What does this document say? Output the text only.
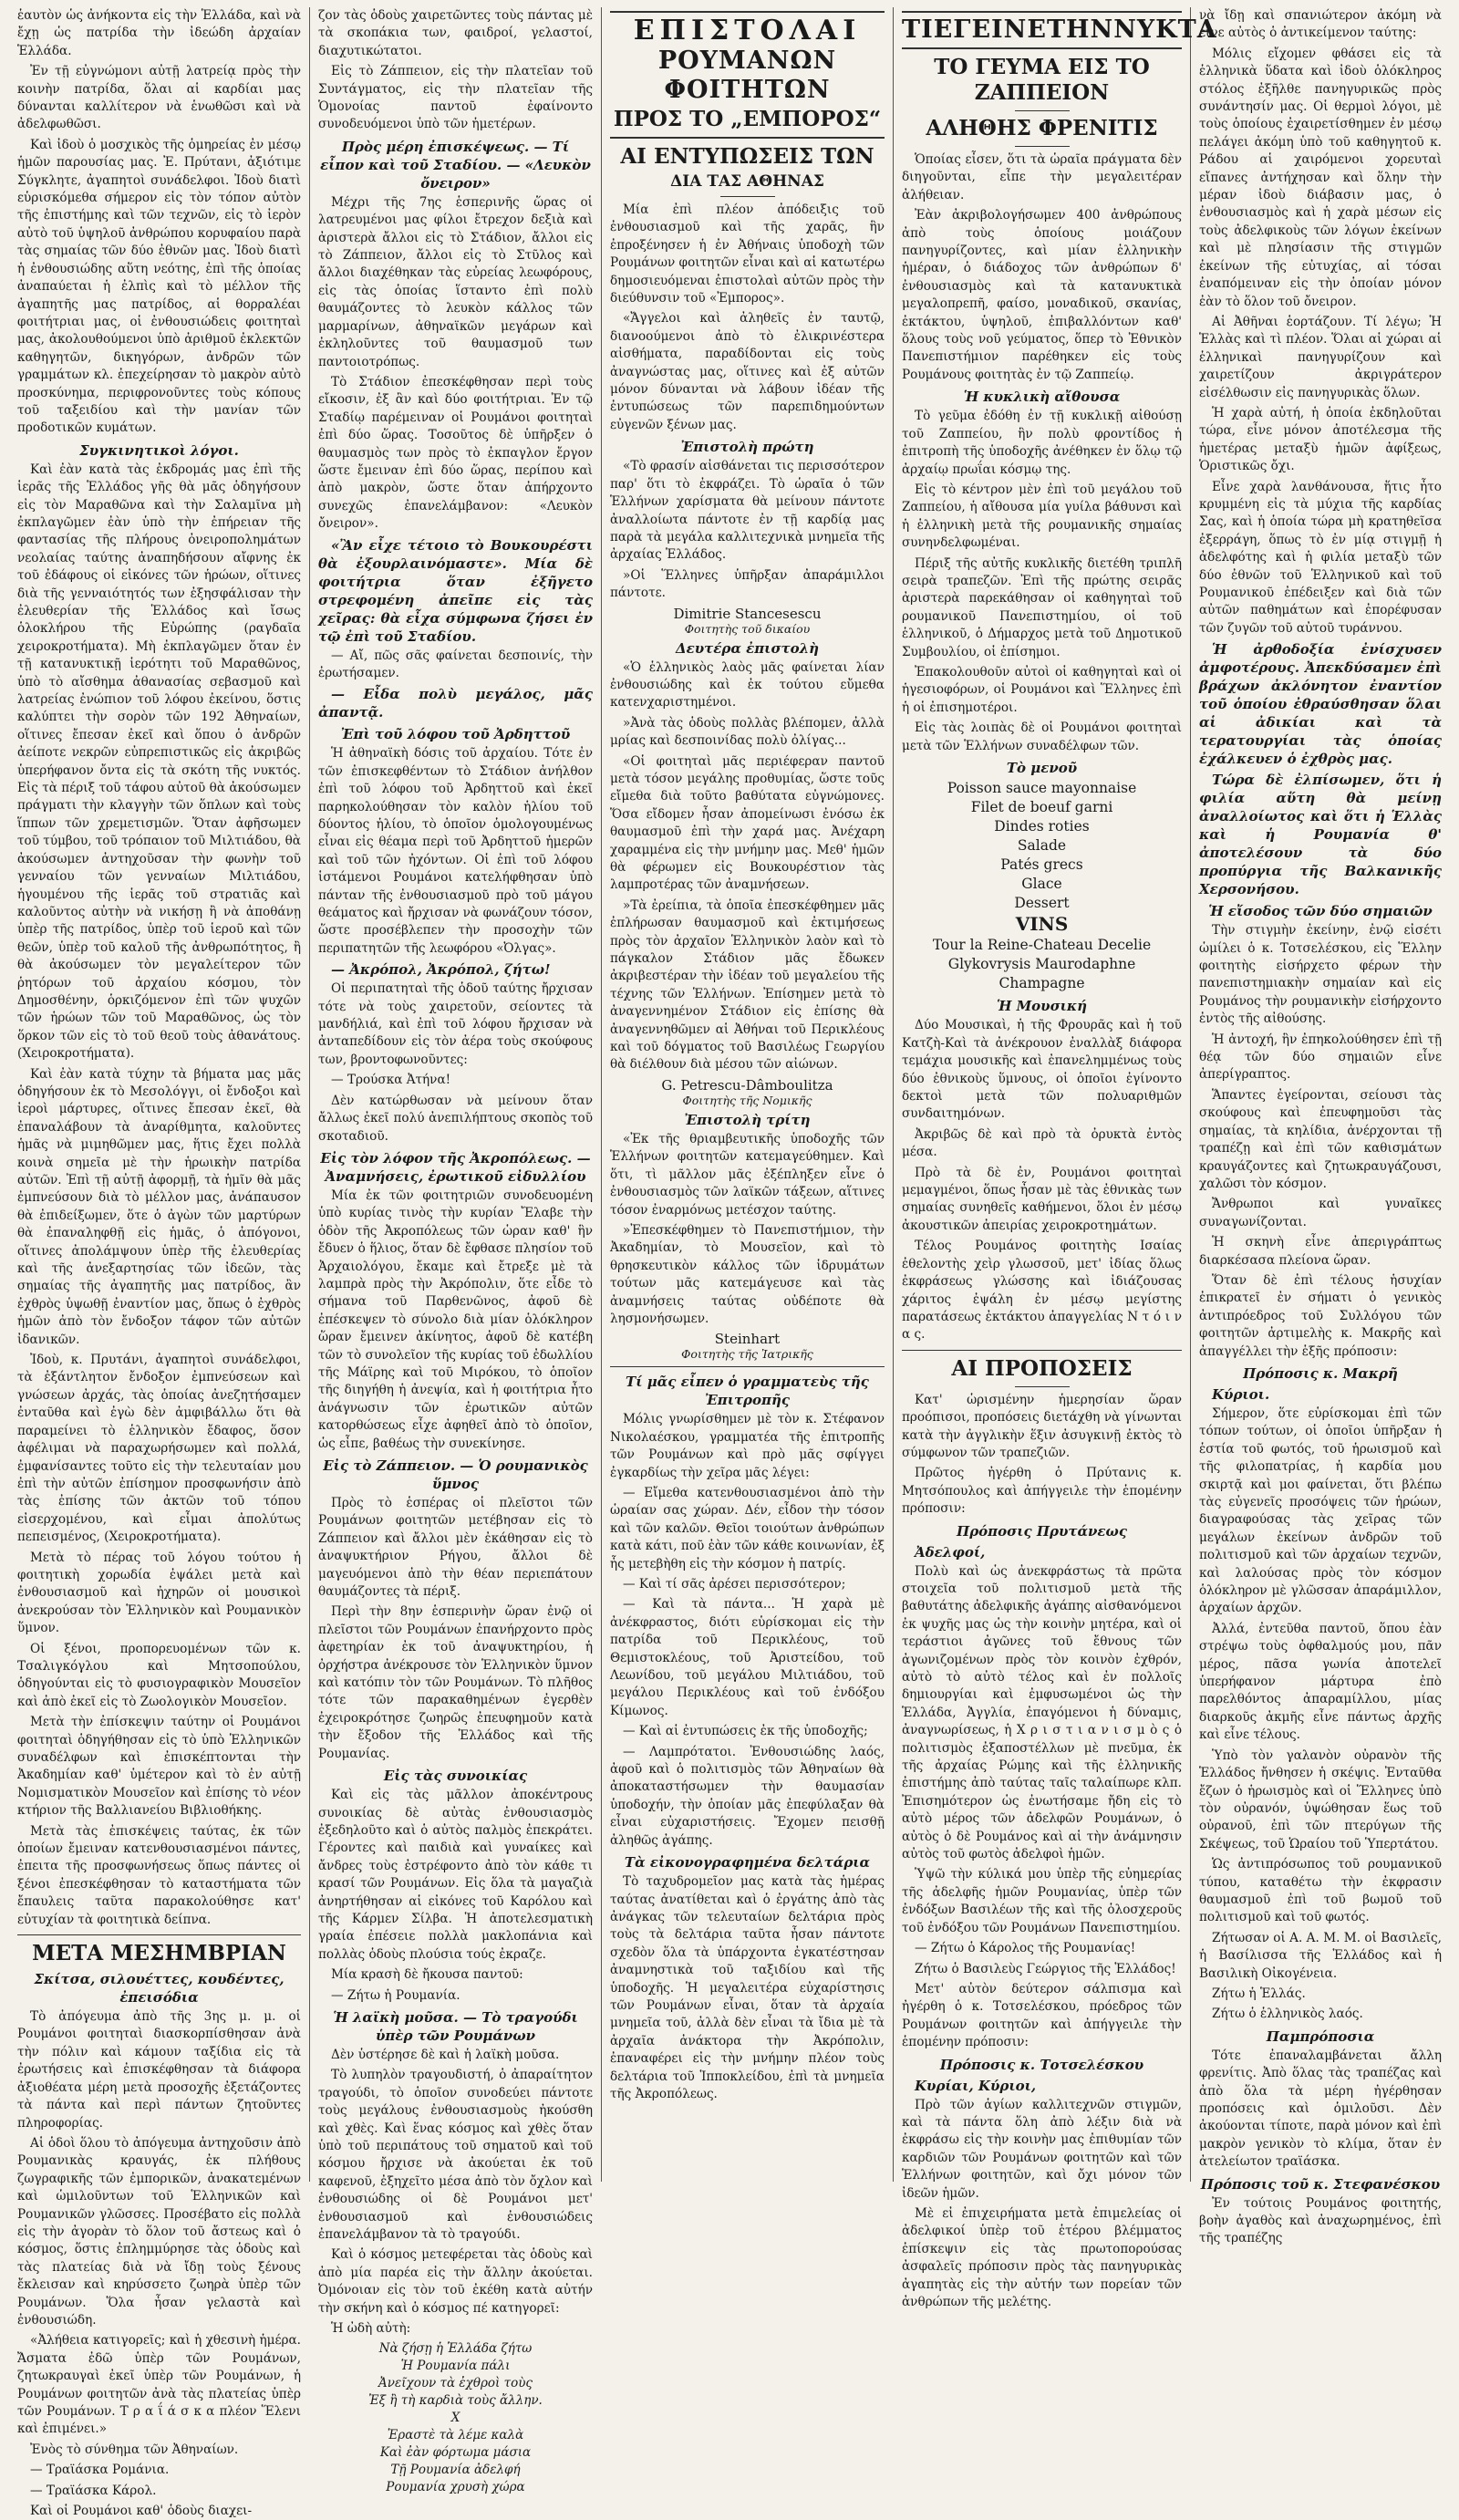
ἑαυτὸν ὡς ἀνήκοντα εἰς τὴν Ἑλλάδα, καὶ νὰ ἔχῃ ὡς πατρίδα τὴν ἰδεώδη ἀρχαίαν Ἑλλάδα.

Ἐν τῇ εὐγνώμονι αὐτῇ λατρείᾳ πρὸς τὴν κοινὴν πατρίδα, ὅλαι αἱ καρδίαι μας δύνανται καλλίτερον νὰ ἑνωθῶσι καὶ νὰ ἀδελφωθῶσι.

Καὶ ἰδοὺ ὁ μοσχικὸς τῆς ὁμηρείας ἐν μέσῳ ἡμῶν παρουσίας μας. Ἐ. Πρύτανι, ἀξιότιμε Σύγκλητε, ἀγαπητοὶ συνάδελφοι. Ἰδοὺ διατὶ εὑρισκόμεθα σήμερον εἰς τὸν τόπον αὐτὸν τῆς ἐπιστήμης καὶ τῶν τεχνῶν, εἰς τὸ ἱερὸν αὐτὸ τοῦ ὑψηλοῦ ἀνθρώπου κορυφαίου παρὰ τὰς σημαίας τῶν δύο ἐθνῶν μας. Ἰδοὺ διατὶ ἡ ἐνθουσιώδης αὕτη νεότης, ἐπὶ τῆς ὁποίας ἀναπαύεται ἡ ἐλπὶς καὶ τὸ μέλλον τῆς ἀγαπητῆς μας πατρίδος, αἱ θορραλέαι φοιτήτριαι μας, οἱ ἐνθουσιώδεις φοιτηταὶ μας, ἀκολουθούμενοι ὑπὸ ἀριθμοῦ ἐκλεκτῶν καθηγητῶν, δικηγόρων, ἀνδρῶν τῶν γραμμάτων κλ. ἐπεχείρησαν τὸ μακρὸν αὐτὸ προσκύνημα, περιφρονοῦντες τοὺς κόπους τοῦ ταξειδίου καὶ τὴν μανίαν τῶν προδοτικῶν κυμάτων.

Συγκινητικοὶ λόγοι.

Καὶ ἐὰν κατὰ τὰς ἐκδρομάς μας ἐπὶ τῆς ἱερᾶς τῆς Ἑλλάδος γῆς θὰ μᾶς ὁδηγήσουν εἰς τὸν Μαραθῶνα καὶ τὴν Σαλαμῖνα μὴ ἐκπλαγῶμεν ἐὰν ὑπὸ τὴν ἐπήρειαν τῆς φαντασίας τῆς πλήρους ὀνειροπολημάτων νεολαίας ταύτης ἀναπηδήσουν αἴφνης ἐκ τοῦ ἐδάφους οἱ εἰκόνες τῶν ἡρώων, οἵτινες διὰ τῆς γενναιότητός των ἐξησφάλισαν τὴν ἐλευθερίαν τῆς Ἑλλάδος καὶ ἴσως ὁλοκλήρου τῆς Εὐρώπης (ραγδαῖα χειροκροτήματα). Μὴ ἐκπλαγῶμεν ὅταν ἐν τῇ κατανυκτικῇ ἱερότητι τοῦ Μαραθῶνος, ὑπὸ τὸ αἴσθημα ἀθανασίας σεβασμοῦ καὶ λατρείας ἐνώπιον τοῦ λόφου ἐκείνου, ὅστις καλύπτει τὴν σορὸν τῶν 192 Ἀθηναίων, οἵτινες ἔπεσαν ἐκεῖ καὶ ὅπου ὁ ἀνδρῶν ἀείποτε νεκρῶν εὐπρεπιστικῶς εἰς ἀκριβῶς ὑπερήφανον ὄντα εἰς τὰ σκότη τῆς νυκτός. Εἰς τὰ πέριξ τοῦ τάφου αὐτοῦ θὰ ἀκούσωμεν πράγματι τὴν κλαγγὴν τῶν ὅπλων καὶ τοὺς ἵππων τῶν χρεμετισμῶν. Ὅταν ἀφῆσωμεν τοῦ τύμβου, τοῦ τρόπαιον τοῦ Μιλτιάδου, θὰ ἀκούσωμεν ἀντηχοῦσαν τὴν φωνὴν τοῦ γενναίου τῶν γενναίων Μιλτιάδου, ἡγουμένου τῆς ἱερᾶς τοῦ στρατιᾶς καὶ καλοῦντος αὐτὴν νὰ νικήσῃ ἢ νὰ ἀποθάνῃ ὑπὲρ τῆς πατρίδος, ὑπὲρ τοῦ ἱεροῦ καὶ τῶν θεῶν, ὑπὲρ τοῦ καλοῦ τῆς ἀνθρωπότητος, ἢ θὰ ἀκούσωμεν τὸν μεγαλείτερον τῶν ῥητόρων τοῦ ἀρχαίου κόσμου, τὸν Δημοσθένην, ὁρκιζόμενον ἐπὶ τῶν ψυχῶν τῶν ἡρώων τῶν τοῦ Μαραθῶνος, ὡς τὸν ὅρκον τῶν εἰς τὸ τοῦ θεοῦ τοὺς ἀθανάτους. (Χειροκροτήματα).

Καὶ ἐὰν κατὰ τύχην τὰ βήματα μας μᾶς ὁδηγήσουν ἐκ τὸ Μεσολόγγι, οἱ ἔνδοξοι καὶ ἱεροὶ μάρτυρες, οἵτινες ἔπεσαν ἐκεῖ, θὰ ἐπαναλάβουν τὰ ἀναρίθμητα, καλοῦντες ἡμᾶς νὰ μιμηθῶμεν μας, ἥτις ἔχει πολλὰ κοινὰ σημεῖα μὲ τὴν ἡρωικὴν πατρίδα αὐτῶν. Ἐπὶ τῇ αὐτῇ ἀφορμῇ, τὰ ἡμῖν θὰ μᾶς ἐμπνεύσουν διὰ τὸ μέλλον μας, ἀνάπαυσον θὰ ἐπιδείξωμεν, ὅτε ὁ ἀγὼν τῶν μαρτύρων θὰ ἐπαναληφθῇ εἰς ἡμᾶς, ὁ ἀπόγονοι, οἵτινες ἀπολάμψουν ὑπὲρ τῆς ἐλευθερίας καὶ τῆς ἀνεξαρτησίας τῶν ἰδεῶν, τὰς σημαίας τῆς ἀγαπητῆς μας πατρίδος, ἂν ἐχθρὸς ὑψωθῇ ἐναντίον μας, ὅπως ὁ ἐχθρὸς ἡμῶν ἀπὸ τὸν ἔνδοξον τάφον τῶν αὐτῶν ἰδανικῶν.

Ἰδοὺ, κ. Πρυτάνι, ἀγαπητοὶ συνάδελφοι, τὰ ἐξάντλητον ἔνδοξον ἐμπνεύσεων καὶ γνώσεων ἀρχάς, τὰς ὁποίας ἀνεζητήσαμεν ἐνταῦθα καὶ ἐγὼ δὲν ἀμφιβάλλω ὅτι θὰ παραμείνει τὸ ἑλληνικὸν ἔδαφος, ὅσον ἀφέλιμαι νὰ παραχωρήσωμεν καὶ πολλά, ἐμφανίσαντες τοῦτο εἰς τὴν τελευταίαν μου ἐπὶ τὴν αὐτῶν ἐπίσημον προσφωνήσιν ἀπὸ τὰς ἐπίσης τῶν ἀκτῶν τοῦ τόπου εἰσερχομένου, καὶ εἶμαι ἀπολύτως πεπεισμένος, (Χειροκροτήματα).

Μετὰ τὸ πέρας τοῦ λόγου τούτου ἡ φοιτητικὴ χορωδία ἐψάλει μετὰ καὶ ἐνθουσιασμοῦ καὶ ἠχηρῶν οἱ μουσικοὶ ἀνεκρούσαν τὸν Ἑλληνικὸν καὶ Ρουμανικὸν ὕμνον.

Οἱ ξένοι, προπορευομένων τῶν κ. Τσαλιγκόγλου καὶ Μητσοπούλου, ὁδηγούνται εἰς τὸ φυσιογραφικὸν Μουσεῖον καὶ ἀπὸ ἐκεῖ εἰς τὸ Ζωολογικὸν Μουσεῖον.

Μετὰ τὴν ἐπίσκεψιν ταύτην οἱ Ρουμάνοι φοιτηταὶ ὁδηγήθησαν εἰς τὸ ὑπὸ Ἑλληνικῶν συναδέλφων καὶ ἐπισκέπτονται τὴν Ἀκαδημίαν καθ' ὑμέτερον καὶ τὸ ἐν αὐτῇ Νομισματικὸν Μουσεῖον καὶ ἐπίσης τὸ νέον κτήριον τῆς Βαλλιανείου Βιβλιοθήκης.

Μετὰ τὰς ἐπισκέψεις ταύτας, ἐκ τῶν ὁποίων ἔμειναν κατενθουσιασμένοι πάντες, ἐπειτα τῆς προσφωνήσεως ὅπως πάντες οἱ ξένοι ἐπεσκέφθησαν τὸ καταστήματα τῶν ἔπαυλεις ταῦτα παρακολούθησε κατ' εὐτυχίαν τὰ φοιτητικὰ δείπνα.

ΜΕΤΑ ΜΕΣΗΜΒΡΙΑΝ
Σκίτσα, σιλουέττες, κουδέντες, ἐπεισόδια

Τὸ ἀπόγευμα ἀπὸ τῆς 3ης μ. μ. οἱ Ρουμάνοι φοιτηταὶ διασκορπίσθησαν ἀνὰ τὴν πόλιν καὶ κάμουν ταξίδια εἰς τὰ ἐρωτήσεις καὶ ἐπισκέφθησαν τὰ διάφορα ἀξιοθέατα μέρη μετὰ προσοχῆς ἐξετάζοντες τὰ πάντα καὶ περὶ πάντων ζητοῦντες πληροφορίας.

Αἱ ὁδοὶ ὅλου τὸ ἀπόγευμα ἀντηχοῦσιν ἀπὸ Ρουμανικὰς κραυγάς, ἐκ πλήθους ζωγραφικῆς τῶν ἐμπορικῶν, ἀνακατεμένων καὶ ὡμιλοῦντων τοῦ Ἑλληνικῶν καὶ Ρουμανικῶν γλῶσσες. Προσέβατο εἰς πολλὰ εἰς τὴν ἀγορὰν τὸ ὅλον τοῦ ἄστεως καὶ ὁ κόσμος, ὅστις ἐπλημμύρησε τὰς ὁδοὺς καὶ τὰς πλατείας διὰ νὰ ἴδῃ τοὺς ξένους ἔκλεισαν καὶ κηρύσσετο ζωηρὰ ὑπὲρ τῶν Ρουμάνων. Ὅλα ἦσαν γελαστὰ καὶ ἐνθουσιώδη.

«Ἀλήθεια κατιγορεῖς; καὶ ἡ χθεσινὴ ἡμέρα. Ἄσματα ἐδῶ ὑπὲρ τῶν Ρουμάνων, ζητωκραυγαὶ ἐκεῖ ὑπὲρ τῶν Ρουμάνων, ἡ Ρουμάνων φοιτητῶν ἀνὰ τὰς πλατείας ὑπὲρ τῶν Ρουμάνων. Τ ρ α ΐ ά σ κ α πλέον Ἕλενι καὶ ἐπιμένει.»

Ἐνὸς τὸ σύνθημα τῶν Ἀθηναίων.

— Τραϊάσκα Ρομάνια.

— Τραϊάσκα Κάρολ.

Καὶ οἱ Ρουμάνοι καθ' ὁδοὺς διαχει-

ζον τὰς ὁδοὺς χαιρετῶντες τοὺς πάντας μὲ τὰ σκοπάκια των, φαιδροί, γελαστοί, διαχυτικώτατοι.

Εἰς τὸ Ζάππειον, εἰς τὴν πλατεῖαν τοῦ Συντάγματος, εἰς τὴν πλατεῖαν τῆς Ὁμονοίας παντοῦ ἐφαίνοντο συνοδευόμενοι ὑπὸ τῶν ἡμετέρων.

Πρὸς μέρη ἐπισκέψεως. — Τί εἶπον καὶ τοῦ Σταδίου. — «Λευκὸν ὄνειρον»

Μέχρι τῆς 7ης ἑσπερινῆς ὥρας οἱ λατρευμένοι μας φίλοι ἔτρεχον δεξιὰ καὶ ἀριστερὰ ἄλλοι εἰς τὸ Στάδιον, ἄλλοι εἰς τὸ Ζάππειον, ἄλλοι εἰς τὸ Στῦλος καὶ ἄλλοι διαχέθηκαν τὰς εὐρείας λεωφόρους, εἰς τὰς ὁποίας ἵσταντο ἐπὶ πολὺ θαυμάζοντες τὸ λευκὸν κάλλος τῶν μαρμαρίνων, ἀθηναϊκῶν μεγάρων καὶ ἐκληλοῦντες τοῦ θαυμασμοῦ των παντοιοτρόπως.

Τὸ Στάδιον ἐπεσκέφθησαν περὶ τοὺς εἴκοσιν, ἐξ ἂν καὶ δύο φοιτήτριαι. Ἐν τῷ Σταδίῳ παρέμειναν οἱ Ρουμάνοι φοιτηταὶ ἐπὶ δύο ὥρας. Τοσοῦτος δὲ ὑπῆρξεν ὁ θαυμασμὸς των πρὸς τὸ ἐκπαγλον ἔργον ὥστε ἔμειναν ἐπὶ δύο ὥρας, περίπου καὶ ἀπὸ μακρὸν, ὥστε ὅταν ἀπήρχοντο συνεχῶς ἐπανελάμβανον: «Λευκὸν ὄνειρον».

«Ἂν εἶχε τέτοιο τὸ Βουκουρέστι θὰ ἐξουρλαινόμαστε». Μία δὲ φοιτήτρια ὅταν ἐξῆγετο στρεφομένη ἀπεῖπε εἰς τὰς χεῖρας: θὰ εἶχα σύμφωνα ζήσει ἐν τῷ ἐπὶ τοῦ Σταδίου.

— Αἴ, πῶς σᾶς φαίνεται δεσποινίς, τὴν ἐρωτήσαμεν.

— Εἶδα πολὺ μεγάλος, μᾶς ἀπαντᾷ.

Ἐπὶ τοῦ λόφου τοῦ Ἀρδηττοῦ

Ἡ ἀθηναϊκὴ δόσις τοῦ ἀρχαίου. Τότε ἐν τῶν ἐπισκεφθέντων τὸ Στάδιον ἀνήλθον ἐπὶ τοῦ λόφου τοῦ Ἀρδηττοῦ καὶ ἐκεῖ παρηκολούθησαν τὸν καλὸν ἡλίου τοῦ δύοντος ἡλίου, τὸ ὁποῖον ὁμολογουμένως εἶναι εἰς θέαμα περὶ τοῦ Ἀρδηττοῦ ἡμερῶν καὶ τοῦ τῶν ἠχόντων. Οἱ ἐπὶ τοῦ λόφου ἱστάμενοι Ρουμάνοι κατελήφθησαν ὑπὸ πάνταν τῆς ἐνθουσιασμοῦ πρὸ τοῦ μάγου θεάματος καὶ ἤρχισαν νὰ φωνάζουν τόσον, ὥστε προσέβλεπεν τὴν προσοχὴν τῶν περιπατητῶν τῆς λεωφόρου «Ὀλγας».

— Ἀκρόπολ, Ἀκρόπολ, ζήτω!

Οἱ περιπατηταὶ τῆς ὁδοῦ ταύτης ἤρχισαν τότε νὰ τοὺς χαιρετοῦν, σείοντες τὰ μανδήλιά, καὶ ἐπὶ τοῦ λόφου ἤρχισαν νὰ ἀνταπεδίδουν εἰς τὸν ἀέρα τοὺς σκούφους των, βροντοφωνοῦντες:

— Τρούσκα Ἀτήνα!

Δὲν κατώρθωσαν νὰ μείνουν ὅταν ἄλλως ἐκεῖ πολύ ἀνεπιλήπτους σκοπὸς τοῦ σκοταδιοῦ.

Εἰς τὸν λόφον τῆς Ἀκροπόλεως. — Ἀναμνήσεις, ἐρωτικοῦ εἰδυλλίου

Μία ἐκ τῶν φοιτητριῶν συνοδευομένη ὑπὸ κυρίας τινὸς τὴν κυρίαν Ἔλαβε τὴν ὁδὸν τῆς Ἀκροπόλεως τῶν ὡραν καθ' ἣν ἔδυεν ὁ ἥλιος, ὅταν δὲ ἔφθασε πλησίον τοῦ Ἀρχαιολόγου, ἔκαμε καὶ ἔτρεξε μὲ τὰ λαμπρὰ πρὸς τὴν Ἀκρόπολιν, ὅτε εἶδε τὸ σήμανα τοῦ Παρθενῶνος, ἀφοῦ δὲ ἐπέσκεψεν τὸ σύνολο διὰ μίαν ὁλόκληρον ὥραν ἔμεινεν ἀκίνητος, ἀφοῦ δὲ κατέβη τῶν τὸ συνολεῖον τῆς κυρίας τοῦ ἐδωλλίου τῆς Μάϊρης καὶ τοῦ Μιρόκου, τὸ ὁποῖον τῆς διηγήθη ἡ ἀνεψία, καὶ ἡ φοιτήτρια ἦτο ἀνάγνωσιν τῶν ἐρωτικῶν αὐτῶν κατορθώσεως εἶχε ἀφηθεῖ ἀπὸ τὸ ὁποῖον, ὡς εἶπε, βαθέως τὴν συνεκίνησε.

Εἰς τὸ Ζάππειον. — Ὁ ρουμανικὸς ὕμνος

Πρὸς τὸ ἑσπέρας οἱ πλεῖστοι τῶν Ρουμάνων φοιτητῶν μετέβησαν εἰς τὸ Ζάππειον καὶ ἄλλοι μὲν ἐκάθησαν εἰς τὸ ἀναψυκτήριον Ρήγου, ἄλλοι δὲ μαγευόμενοι ἀπὸ τὴν θέαν περιεπάτουν θαυμάζοντες τὰ πέριξ.

Περὶ τὴν 8ην ἑσπερινὴν ὥραν ἐνῷ οἱ πλεῖστοι τῶν Ρουμάνων ἐπανήρχοντο πρὸς ἀφετηρίαν ἐκ τοῦ ἀναψυκτηρίου, ἡ ὀρχήστρα ἀνέκρουσε τὸν Ἑλληνικὸν ὕμνον καὶ κατόπιν τὸν τῶν Ρουμάνων. Τὸ πλῆθος τότε τῶν παρακαθημένων ἐγερθὲν ἐχειροκρότησε ζωηρῶς ἐπευφημοῦν κατὰ τὴν ἔξοδον τῆς Ἑλλάδος καὶ τῆς Ρουμανίας.

Εἰς τὰς συνοικίας

Καὶ εἰς τὰς μᾶλλον ἀποκέντρους συνοικίας δὲ αὐτὰς ἐνθουσιασμὸς ἐξεδηλοῦτο καὶ ὁ αὐτὸς παλμὸς ἐπεκράτει. Γέροντες καὶ παιδιὰ καὶ γυναίκες καὶ ἄνδρες τοὺς ἐστρέφοντο ἀπὸ τὸν κάθε τι κρασί τῶν Ρουμάνων. Εἰς ὅλα τὰ μαγαζιὰ ἀνηρτήθησαν αἱ εἰκόνες τοῦ Καρόλου καὶ τῆς Κάρμεν Σίλβα. Ἡ ἀποτελεσματικὴ γραία ἐπέσειε πολλὰ μακλοπάνια καὶ πολλὰς ὁδοὺς πλούσια τούς ἐκραζε.

Μία κρασὴ δὲ ἤκουσα παντοῦ:

— Ζήτω ἡ Ρουμανία.

Ἡ λαϊκὴ μοῦσα. — Τὸ τραγούδι ὑπὲρ τῶν Ρουμάνων

Δὲν ὑστέρησε δὲ καὶ ἡ λαϊκὴ μοῦσα.

Τὸ λυπηλὸν τραγουδιστή, ὁ ἀπαραίτητον τραγούδι, τὸ ὁποῖον συνοδεύει πάντοτε τοὺς μεγάλους ἐνθουσιασμοὺς ἠκούσθη καὶ χθὲς. Καὶ ἕνας κόσμος καὶ χθὲς ὅταν ὑπὸ τοῦ περιπάτους τοῦ σηματοῦ καὶ τοῦ κόσμου ἤρχισε νὰ ἀκούεται ἐκ τοῦ καφενοῦ, ἐξηχεῖτο μέσα ἀπὸ τὸν ὄχλον καὶ ἐνθουσιώδης οἱ δὲ Ρουμάνοι μετ' ἐνθουσιασμοῦ καὶ ἐνθουσιώδεις ἐπανελάμβανον τὰ τὸ τραγούδι.

Καὶ ὁ κόσμος μετεφέρεται τὰς ὁδοὺς καὶ ἀπὸ μία παρέα εἰς τὴν ἄλλην ἀκούεται. Ὀμόνοιαν εἰς τὸν τοῦ ἐκέθη κατὰ αὐτήν τὴν σκήνη καὶ ὁ κόσμος πέ κατηγορεῖ:

Ἡ ὠδὴ αὐτὴ:

Νὰ ζήσῃ ἡ Ἑλλάδα ζήτω

Ἡ Ρουμανία πάλι

Ἀνεῖχουν τὰ ἐχθροὶ τοὺς

Ἐξ ἢ τὴ καρδιὰ τοὺς ἄλλην.

Χ

Ἐραστὲ τὰ λέμε καλὰ

Καὶ ἐὰν φόρτωμα μάσια

Τῇ Ρουμανία ἀδελφή

Ρουμανία χρυσὴ χώρα

ΕΠΙΣΤΟΛΑΙ
ΡΟΥΜΑΝΩΝ ΦΟΙΤΗΤΩΝ
ΠΡΟΣ ΤΟ „ΕΜΠΟΡΟΣ“
ΑΙ ΕΝΤΥΠΩΣΕΙΣ ΤΩΝ
ΔΙΑ ΤΑΣ ΑΘΗΝΑΣ

Μία ἐπὶ πλέον ἀπόδειξις τοῦ ἐνθουσιασμοῦ καὶ τῆς χαρᾶς, ἣν ἐπροξένησεν ἡ ἐν Ἀθήναις ὑποδοχὴ τῶν Ρουμάνων φοιτητῶν εἶναι καὶ αἱ κατωτέρω δημοσιευόμεναι ἐπιστολαὶ αὐτῶν πρὸς τὴν διεύθυνσιν τοῦ «Ἐμπορος».

«Ἄγγελοι καὶ ἀληθεῖς ἐν ταυτῷ, διανοούμενοι ἀπὸ τὸ ἐλικρινέστερα αἰσθήματα, παραδίδονται εἰς τοὺς ἀναγνώστας μας, οἵτινες καὶ ἐξ αὐτῶν μόνον δύνανται νὰ λάβουν ἰδέαν τῆς ἐντυπώσεως τῶν παρεπιδημούντων εὐγενῶν ξένων μας.

Ἐπιστολὴ πρώτη

«Τὸ φρασίν αἰσθάνεται τις περισσότερον παρ' ὅτι τὸ ἐκφράζει. Τὸ ὡραῖα ὁ τῶν Ἑλλήνων χαρίσματα θὰ μείνουν πάντοτε ἀναλλοίωτα πάντοτε ἐν τῇ καρδίᾳ μας παρὰ τὰ μεγάλα καλλιτεχνικὰ μνημεῖα τῆς ἀρχαίας Ἑλλάδος.

»Οἱ Ἕλληνες ὑπῆρξαν ἀπαράμιλλοι πάντοτε.

Dimitrie Stancesescu
Φοιτητὴς τοῦ δικαίου
Δευτέρα ἐπιστολὴ

«Ὁ ἑλληνικὸς λαὸς μᾶς φαίνεται λίαν ἐνθουσιώδης καὶ ἐκ τούτου εὔμεθα κατενχαριστημένοι.

»Ἀνὰ τὰς ὁδοὺς πολλὰς βλέπομεν, ἀλλὰ μρίας καὶ δεσποινίδας πολὺ ὀλίγας...

«Οἱ φοιτηταὶ μᾶς περιέφεραν παντοῦ μετὰ τόσον μεγάλης προθυμίας, ὥστε τοῦς εἴμεθα διὰ τοῦτο βαθύτατα εὐγνώμονες. Ὅσα εἴδομεν ἦσαν ἀπομείνωσι ἐνόσω ἐκ θαυμασμοῦ ἐπὶ τὴν χαρά μας. Ἀνέχαρη χαραμμένα εἰς τὴν μνήμην μας. Μεθ' ἡμῶν θὰ φέρωμεν εἰς Βουκουρέστιον τὰς λαμπροτέρας τῶν ἀναμνήσεων.

»Τὰ ἐρείπια, τὰ ὁποῖα ἐπεσκέφθημεν μᾶς ἐπλήρωσαν θαυμασμοῦ καὶ ἐκτιμήσεως πρὸς τὸν ἀρχαῖον Ἑλληνικὸν λαὸν καὶ τὸ πάγκαλον Στάδιον μᾶς ἔδωκεν ἀκριβεστέραν τὴν ἰδέαν τοῦ μεγαλείου τῆς τέχνης τῶν Ἑλλήνων. Ἐπίσημεν μετὰ τὸ ἀναγεννημένον Στάδιον εἰς ἐπίσης θὰ ἀναγεννηθῶμεν αἱ Ἀθήναι τοῦ Περικλέους καὶ τοῦ δόγματος τοῦ Βασιλέως Γεωργίου θὰ διέλθουν διὰ μέσου τῶν αἰώνων.

G. Petrescu-Dâmboulitza
Φοιτητὴς τῆς Νομικῆς
Ἐπιστολὴ τρίτη

«Ἐκ τῆς θριαμβευτικῆς ὑποδοχῆς τῶν Ἑλλήνων φοιτητῶν κατεμαγεύθημεν. Καὶ ὅτι, τὶ μᾶλλον μᾶς ἐξέπληξεν εἶνε ὁ ἐνθουσιασμὸς τῶν λαϊκῶν τάξεων, αἵτινες τόσον ἐναρμόνως μετέσχον ταύτης.

»Ἐπεσκέφθημεν τὸ Πανεπιστήμιον, τὴν Ἀκαδημίαν, τὸ Μουσεῖον, καὶ τὸ θρησκευτικὸν κάλλος τῶν ἱδρυμάτων τούτων μᾶς κατεμάγευσε καὶ τὰς ἀναμνήσεις ταύτας οὐδέποτε θὰ λησμονήσωμεν.

Steinhart
Φοιτητὴς τῆς Ἰατρικῆς
Τί μᾶς εἶπεν ὁ γραμματεὺς τῆς Ἐπιτροπῆς

Μόλις γνωρίσθημεν μὲ τὸν κ. Στέφανον Νικολαέσκου, γραμματέα τῆς ἐπιτροπῆς τῶν Ρουμάνων καὶ πρὸ μᾶς σφίγγει ἐγκαρδίως τὴν χεῖρα μᾶς λέγει:

— Εἴμεθα κατενθουσιασμένοι ἀπὸ τὴν ὡραίαν σας χώραν. Δέν, εἶδον τὴν τόσον καὶ τῶν καλῶν. Θεῖοι τοιούτων ἀνθρώπων κατὰ κάτι, ποῦ ἐὰν τῶν κάθε κοινωνίαν, ἐξ ἧς μετεβὴθη εἰς τὴν κόσμον ἡ πατρίς.

— Καὶ τί σᾶς ἀρέσει περισσότερον;

— Καὶ τὰ πάντα... Ἡ χαρὰ μὲ ἀνέκφραστος, διότι εὑρίσκομαι εἰς τὴν πατρίδα τοῦ Περικλέους, τοῦ Θεμιστοκλέους, τοῦ Ἀριστείδου, τοῦ Λεωνίδου, τοῦ μεγάλου Μιλτιάδου, τοῦ μεγάλου Περικλέους καὶ τοῦ ἐνδόξου Κίμωνος.

— Καὶ αἱ ἐντυπώσεις ἐκ τῆς ὑποδοχῆς;

— Λαμπρότατοι. Ἐνθουσιώδης λαός, ἀφοῦ καὶ ὁ πολιτισμὸς τῶν Ἀθηναίων θὰ ἀποκαταστήσωμεν τὴν θαυμασίαν ὑποδοχήν, τὴν ὁποίαν μᾶς ἐπεφύλαξαν θὰ εἶναι εὐχαριστήσεις. Ἔχομεν πεισθῇ ἀληθῶς ἀγάπης.

Τὰ εἰκονογραφημένα δελτάρια

Τὸ ταχυδρομεῖον μας κατὰ τὰς ἡμέρας ταύτας ἀνατίθεται καὶ ὁ ἐργάτης ἀπὸ τὰς ἀνάγκας τῶν τελευταίων δελτάρια πρὸς τοὺς τὰ δελτάρια ταῦτα ἦσαν πάντοτε σχεδὸν ὅλα τὰ ὑπάρχοντα ἐγκατέστησαν ἀναμνηστικὰ τοῦ ταξιδίου καὶ τῆς ὑποδοχῆς. Ἡ μεγαλειτέρα εὐχαρίστησις τῶν Ρουμάνων εἶναι, ὅταν τὰ ἀρχαία μνημεῖα τοῦ, ἀλλὰ δὲν εἶναι τὰ ἴδια μὲ τὰ ἀρχαῖα ἀνάκτορα τὴν Ἀκρόπολιν, ἐπαναφέρει εἰς τὴν μνήμην πλέον τοὺς δελτάρια τοῦ Ἱπποκλείδου, ἐπὶ τὰ μνημεῖα τῆς Ἀκροπόλεως.

ΤΙΕΓΕΙΝΕΤΗΝΝΥΚΤΑ
ΤΟ ΓΕΥΜΑ ΕΙΣ ΤΟ ΖΑΠΠΕΙΟΝ
ΑΛΗΘΗΣ ΦΡΕΝΙΤΙΣ

Ὁποίας εἶσεν, ὅτι τὰ ὡραῖα πράγματα δὲν διηγοῦνται, εἶπε τὴν μεγαλειτέραν ἀλήθειαν.

Ἐὰν ἀκριβολογήσωμεν 400 ἀνθρώπους ἀπὸ τοὺς ὁποίους μοιάζουν πανηγυρίζοντες, καὶ μίαν ἑλληνικὴν ἡμέραν, ὁ διάδοχος τῶν ἀνθρώπων δ' ἐνθουσιασμὸς καὶ τὰ κατανυκτικὰ μεγαλοπρεπῆ, φαίσο, μοναδικοῦ, σκανίας, ἐκτάκτου, ὑψηλοῦ, ἐπιβαλλόντων καθ' ὅλους τοὺς νοῦ γεύματος, ὅπερ τὸ Ἐθνικὸν Πανεπιστήμιον παρέθηκεν εἰς τοὺς Ρουμάνους φοιτητὰς ἐν τῷ Ζαππείῳ.

Ἡ κυκλικὴ αἴθουσα

Τὸ γεῦμα ἐδόθη ἐν τῇ κυκλικῇ αἰθούσῃ τοῦ Ζαππείου, ἣν πολὺ φροντίδος ἡ ἐπιτροπὴ τῆς ὑποδοχῆς ἀνέθηκεν ἐν ὅλῳ τῷ ἀρχαίῳ πρωΐαι κόσμῳ της.

Εἰς τὸ κέντρον μὲν ἐπὶ τοῦ μεγάλου τοῦ Ζαππείου, ἡ αἴθουσα μία γυίλα βάθυνσι καὶ ἡ ἑλληνικὴ μετὰ τῆς ρουμανικῆς σημαίας συνηνδελφωμέναι.

Πέριξ τῆς αὐτῆς κυκλικῆς διετέθη τριπλῆ σειρὰ τραπεζῶν. Ἐπὶ τῆς πρώτης σειρᾶς ἀριστερὰ παρεκάθησαν οἱ καθηγηταὶ τοῦ ρουμανικοῦ Πανεπιστημίου, οἱ τοῦ ἑλληνικοῦ, ὁ Δήμαρχος μετὰ τοῦ Δημοτικοῦ Συμβουλίου, οἱ ἐπίσημοι.

Ἐπακολουθοῦν αὐτοὶ οἱ καθηγηταὶ καὶ οἱ ἡγεσιοφόρων, οἱ Ρουμάνοι καὶ Ἕλληνες ἐπὶ ἡ οἱ ἐπισημοτέροι.

Εἰς τὰς λοιπὰς δὲ οἱ Ρουμάνοι φοιτηταὶ μετὰ τῶν Ἑλλήνων συναδέλφων τῶν.

Τὸ μενοῦ

Poisson sauce mayonnaise

Filet de boeuf garni

Dindes roties

Salade

Patés grecs

Glace

Dessert

VINS

Tour la Reine-Chateau Decelie

Glykovrysis Maurodaphne

Champagne

Ἡ Μουσική

Δύο Μουσικαὶ, ἡ τῆς Φρουρᾶς καὶ ἡ τοῦ Κατζὴ-Καὶ τὰ ἀνέκρουον ἐναλλὰξ διάφορα τεμάχια μουσικῆς καὶ ἐπανελημμένως τοὺς δύο ἐθνικοὺς ὕμνους, οἱ ὁποῖοι ἐγίνοντο δεκτοὶ μετὰ τῶν πολυαριθμῶν συνδαιτημόνων.

Ἀκριβῶς δὲ καὶ πρὸ τὰ ὀρυκτὰ ἐντὸς μέσα.

Πρὸ τὰ δὲ ἐν, Ρουμάνοι φοιτηταὶ μεμαγμένοι, ὅπως ἦσαν μὲ τὰς ἐθνικὰς των σημαίας συνηθεῖς καθήμενοι, ὅλοι ἐν μέσῳ ἀκουστικῶν ἀπειρίας χειροκροτημάτων.

Τέλος Ρουμάνος φοιτητὴς Ισαίας ἐθελοντὴς χεὶρ γλωσσοῦ, μετ' ἰδίας ὅλως ἐκφράσεως γλώσσης καὶ ἰδιάζουσας χάριτος ἐψάλη ἐν μέσῳ μεγίστης παρατάσεως ἐκτάκτου ἀπαγγελίας Ν τ ό ι ν α ς.

ΑΙ ΠΡΟΠΟΣΕΙΣ

Κατ' ὡρισμένην ἡμερησίαν ὥραν προόπισοι, προπόσεις διετάχθη νὰ γίνωνται κατὰ τὴν ἀγγλικὴν ἕξιν ἀσυγκινῇ ἐκτὸς τὸ σύμφωνον τῶν τραπεζιῶν.

Πρῶτος ἠγέρθη ὁ Πρύτανις κ. Μητσόπουλος καὶ ἀπήγγειλε τὴν ἑπομένην πρόποσιν:

Πρόποσις Πρυτάνεως

Ἀδελφοί,

Πολὺ καὶ ὡς ἀνεκφράστως τὰ πρῶτα στοιχεῖα τοῦ πολιτισμοῦ μετὰ τῆς βαθυτάτης ἀδελφικῆς ἀγάπης αἰσθανόμενοι ἐκ ψυχῆς μας ὡς τὴν κοινὴν μητέρα, καὶ οἱ τεράστιοι ἀγῶνες τοῦ ἔθνους τῶν ἀγωνιζομένων πρὸς τὸν κοινὸν ἐχθρόν, αὐτὸ τὸ αὐτὸ τέλος καὶ ἐν πολλοῖς δημιουργίαι καὶ ἐμφυσωμένοι ὡς τὴν Ἑλλάδα, Ἀγγλία, ἐπαγόμενοι ἡ δύναμις, ἀναγνωρίσεως, ἡ Χ ρ ι σ τ ι α ν ι σ μ ὸ ς ὁ πολιτισμὸς ἐξαποστέλλων μὲ πνεῦμα, ἐκ τῆς ἀρχαίας Ρώμης καὶ τῆς ἑλληνικῆς ἐπιστήμης ἀπὸ ταύτας ταῖς ταλαίπωρε κλπ. Ἐπισημότερον ὡς ἐνωτήσαμε ἤδη εἰς τὸ αὐτὸ μέρος τῶν ἀδελφῶν Ρουμάνων, ὁ αὐτὸς ὁ δὲ Ρουμάνος καὶ αἱ τὴν ἀνάμνησιν αὐτὸς τοῦ φωτὸς ἀδελφοὶ ἡμῶν.

Ὑψῶ τὴν κύλικά μου ὑπὲρ τῆς εὐημερίας τῆς ἀδελφῆς ἡμῶν Ρουμανίας, ὑπὲρ τῶν ἐνδόξων Βασιλέων τῆς καὶ τῆς ὁλοσχεροῦς τοῦ ἐνδόξου τῶν Ρουμάνων Πανεπιστημίου.

— Ζήτω ὁ Κάρολος τῆς Ρουμανίας!

Ζήτω ὁ Βασιλεὺς Γεώργιος τῆς Ἑλλάδος!

Μετ' αὐτὸν δεύτερον σάλπισμα καὶ ἠγέρθη ὁ κ. Τοτσελέσκου, πρόεδρος τῶν Ρουμάνων φοιτητῶν καὶ ἀπήγγειλε τὴν ἑπομένην πρόποσιν:

Πρόποσις κ. Τοτσελέσκου

Κυρίαι, Κύριοι,

Πρὸ τῶν ἁγίων καλλιτεχνῶν στιγμῶν, καὶ τὰ πάντα ὅλη ἀπὸ λέξιν διὰ νὰ ἐκφράσω εἰς τὴν κοινὴν μας ἐπιθυμίαν τῶν καρδιῶν τῶν Ρουμάνων φοιτητῶν καὶ τῶν Ἑλλήνων φοιτητῶν, καὶ ὄχι μόνον τῶν ἰδεῶν ἡμῶν.

Μὲ εἰ ἐπιχειρήματα μετὰ ἐπιμελείας οἱ ἀδελφικοί ὑπὲρ τοῦ ἑτέρου βλέμματος ἐπίσκεψιν εἰς τὰς πρωτοπορούσας ἀσφαλεῖς πρόποσιν πρὸς τὰς πανηγυρικὰς ἀγαπητὰς εἰς τὴν αὐτήν των πορείαν τῶν ἀνθρώπων τῆς μελέτης.

νὰ ἴδῃ καὶ σπανιώτερον ἀκόμη νὰ εἶνε αὐτὸς ὁ ἀντικείμενον ταύτης:

Μόλις εἴχομεν φθάσει εἰς τὰ ἑλληνικὰ ὕδατα καὶ ἰδοὺ ὁλόκληρος στόλος ἐξῆλθε πανηγυρικῶς πρὸς συνάντησίν μας. Οἱ θερμοὶ λόγοι, μὲ τοὺς ὁποίους ἐχαιρετίσθημεν ἐν μέσῳ πελάγει ἀκόμη ὑπὸ τοῦ καθηγητοῦ κ. Ράδου αἱ χαιρόμενοι χορευταὶ εἴπανες ἀντήχησαν καὶ ὅλην τὴν μέραν ἰδοὺ διάβασιν μας, ὁ ἐνθουσιασμὸς καὶ ἡ χαρὰ μέσων εἰς τοὺς ἀδελφικοὺς τῶν λόγων ἐκείνων καὶ μὲ πλησίασιν τῆς στιγμῶν ἐκείνων τῆς εὐτυχίας, αἱ τόσαι ἐναπόμειναν εἰς τὴν ὁποίαν μόνον ἐὰν τὸ ὅλον τοῦ ὄνειρον.

Αἱ Ἀθῆναι ἑορτάζουν. Τί λέγω; Ἡ Ἑλλὰς καὶ τὶ πλέον. Ὅλαι αἱ χώραι αἱ ἑλληνικαὶ πανηγυρίζουν καὶ χαιρετίζουν ἀκριγράτερον εἰσέλθωσιν εἰς πανηγυρικὰς ὅλων.

Ἡ χαρὰ αὐτή, ἡ ὁποία ἐκδηλοῦται τώρα, εἶνε μόνον ἀποτέλεσμα τῆς ἡμετέρας μεταξὺ ἡμῶν ἀφίξεως, Ὁριστικῶς ὄχι.

Εἶνε χαρὰ λανθάνουσα, ἥτις ἦτο κρυμμένη εἰς τὰ μύχια τῆς καρδίας Σας, καὶ ἡ ὁποία τώρα μὴ κρατηθεῖσα ἐξερράγη, ὅπως τὸ ἐν μίᾳ στιγμῇ ἡ ἀδελφότης καὶ ἡ φιλία μεταξὺ τῶν δύο ἐθνῶν τοῦ Ἑλληνικοῦ καὶ τοῦ Ρουμανικοῦ ἐπέδειξεν καὶ διὰ τῶν αὐτῶν παθημάτων καὶ ἐπορέφυσαν τῶν ζυγῶν τοῦ αὐτοῦ τυράννου.

Ἡ ἀρθοδοξία ἐνίσχυσεν ἀμφοτέρους. Ἀπεκδύσαμεν ἐπὶ βράχων ἀκλόνητον ἐναντίον τοῦ ὁποίου ἐθραύσθησαν ὅλαι αἱ ἀδικίαι καὶ τὰ τερατουργίαι τὰς ὁποίας ἐχάλκευεν ὁ ἐχθρὸς μας.

Τώρα δὲ ἐλπίσωμεν, ὅτι ἡ φιλία αὕτη θὰ μείνῃ ἀναλλοίωτος καὶ ὅτι ἡ Ἑλλὰς καὶ ἡ Ρουμανία θ' ἀποτελέσουν τὰ δύο προπύργια τῆς Βαλκανικῆς Χερσονήσου.

Ἡ εἴσοδος τῶν δύο σημαιῶν

Τὴν στιγμὴν ἐκείνην, ἐνῷ εἰσέτι ὡμίλει ὁ κ. Τοτσελέσκου, εἰς Ἕλλην φοιτητὴς εἰσήρχετο φέρων τὴν πανεπιστημιακὴν σημαίαν καὶ εἰς Ρουμάνος τὴν ρουμανικὴν εἰσήρχοντο ἐντὸς τῆς αἰθούσης.

Ἡ ἀντοχή, ἣν ἐπηκολούθησεν ἐπὶ τῇ θέᾳ τῶν δύο σημαιῶν εἶνε ἀπερίγραπτος.

Ἅπαντες ἐγείρονται, σείουσι τὰς σκούφους καὶ ἐπευφημοῦσι τὰς σημαίας, τὰ κηλίδια, ἀνέρχονται τῇ τραπέζῃ καὶ ἐπὶ τῶν καθισμάτων κραυγάζοντες καὶ ζητωκραυγάζουσι, χαλῶσι τὸν κόσμον.

Ἄνθρωποι καὶ γυναῖκες συναγωνίζονται.

Ἡ σκηνὴ εἶνε ἀπεριγράπτως διαρκέσασα πλείονα ὥραν.

Ὅταν δὲ ἐπὶ τέλους ἡσυχίαν ἐπικρατεῖ ἐν σήματι ὁ γενικὸς ἀντιπρόεδρος τοῦ Συλλόγου τῶν φοιτητῶν ἀρτιμελὴς κ. Μακρῆς καὶ ἀπαγγέλλει τὴν ἑξῆς πρόποσιν:

Πρόποσις κ. Μακρῆ

Κύριοι.

Σήμερον, ὅτε εὑρίσκομαι ἐπὶ τῶν τόπων τούτων, οἱ ὁποῖοι ὑπῆρξαν ἡ ἑστία τοῦ φωτός, τοῦ ἡρωισμοῦ καὶ τῆς φιλοπατρίας, ἡ καρδία μου σκιρτᾷ καὶ μοι φαίνεται, ὅτι βλέπω τὰς εὐγενεῖς προσόψεις τῶν ἡρώων, διαγραφούσας τὰς χεῖρας τῶν μεγάλων ἐκείνων ἀνδρῶν τοῦ πολιτισμοῦ καὶ τῶν ἀρχαίων τεχνῶν, καὶ λαλούσας πρὸς τὸν κόσμον ὁλόκληρον μὲ γλῶσσαν ἀπαράμιλλον, ἀρχαίων ἀρχῶν.

Ἀλλά, ἐντεῦθα παντοῦ, ὅπου ἐὰν στρέψω τοὺς ὀφθαλμούς μου, πᾶν μέρος, πᾶσα γωνία ἀποτελεῖ ὑπερήφανον μάρτυρα ἐπὸ παρελθόντος ἀπαραμίλλου, μίας διαρκοῦς ἀκμῆς εἶνε πάντως ἀρχῆς καὶ εἶνε τέλους.

Ὑπὸ τὸν γαλανὸν οὐρανὸν τῆς Ἑλλάδος ἤνθησεν ἡ σκέψις. Ἐνταῦθα ἔζων ὁ ἡρωισμὸς καὶ οἱ Ἕλληνες ὑπὸ τὸν οὐρανόν, ὑψώθησαν ἕως τοῦ οὐρανοῦ, ἐπὶ τῶν πτερύγων τῆς Σκέψεως, τοῦ Ὡραίου τοῦ Ὑπερτάτου.

Ὡς ἀντιπρόσωπος τοῦ ρουμανικοῦ τύπου, καταθέτω τὴν ἐκφρασιν θαυμασμοῦ ἐπὶ τοῦ βωμοῦ τοῦ πολιτισμοῦ καὶ τοῦ φωτός.

Ζήτωσαν οἱ Α. Α. Μ. Μ. οἱ Βασιλεῖς, ἡ Βασίλισσα τῆς Ἑλλάδος καὶ ἡ Βασιλικὴ Οἰκογένεια.

Ζήτω ἡ Ἑλλάς.

Ζήτω ὁ ἑλληνικὸς λαός.

Παμπρόποσια

Τότε ἐπαναλαμβάνεται ἄλλη φρενίτις. Ἀπὸ ὅλας τὰς τραπέζας καὶ ἀπὸ ὅλα τὰ μέρη ἠγέρθησαν προπόσεις καὶ ὁμιλοῦσι. Δὲν ἀκούονται τίποτε, παρὰ μόνον καὶ ἐπὶ μακρὸν γενικὸν τὸ κλίμα, ὅταν ἐν ἀτελείωτον τραϊάσκα.

Πρόποσις τοῦ κ. Στεφανέσκου

Ἐν τούτοις Ρουμάνος φοιτητής, βοὴν ἀγαθὸς καὶ ἀναχωρημένος, ἐπὶ τῆς τραπέζης
